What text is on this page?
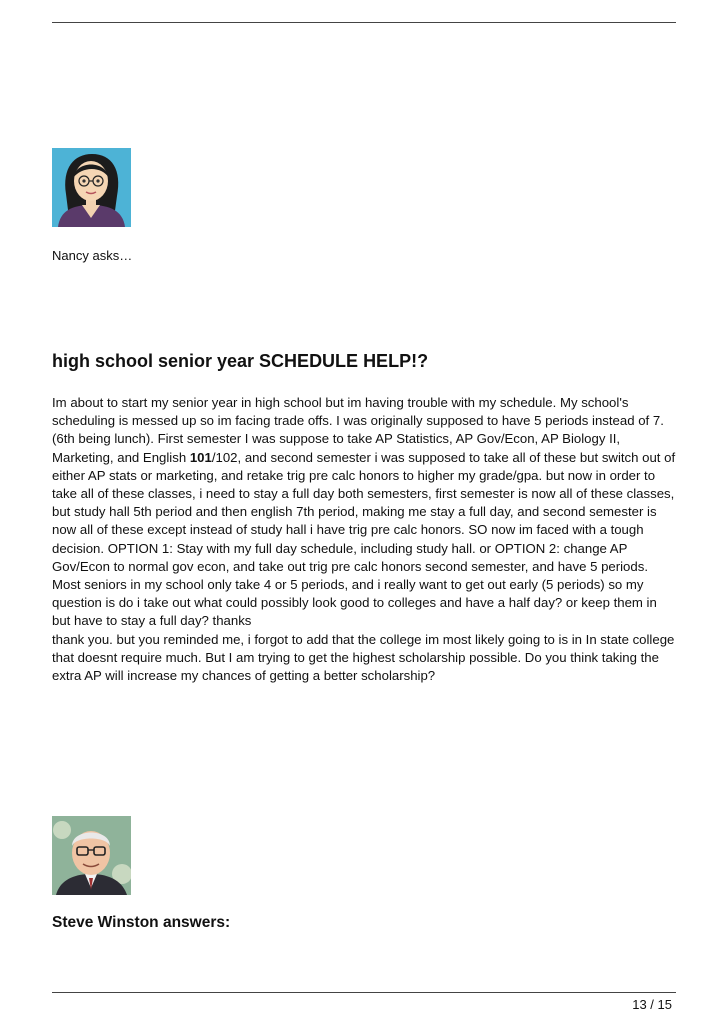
Nancy asks…
high school senior year SCHEDULE HELP!?

Im about to start my senior year in high school but im having trouble with my schedule. My school's scheduling is messed up so im facing trade offs. I was originally supposed to have 5 periods instead of 7. (6th being lunch). First semester I was suppose to take AP Statistics, AP Gov/Econ, AP Biology II, Marketing, and English 101/102, and second semester i was supposed to take all of these but switch out of either AP stats or marketing, and retake trig pre calc honors to higher my grade/gpa. but now in order to take all of these classes, i need to stay a full day both semesters, first semester is now all of these classes, but study hall 5th period and then english 7th period, making me stay a full day, and second semester is now all of these except instead of study hall i have trig pre calc honors. SO now im faced with a tough decision. OPTION 1: Stay with my full day schedule, including study hall. or OPTION 2: change AP Gov/Econ to normal gov econ, and take out trig pre calc honors second semester, and have 5 periods. Most seniors in my school only take 4 or 5 periods, and i really want to get out early (5 periods) so my question is do i take out what could possibly look good to colleges and have a half day? or keep them in but have to stay a full day? thanks

thank you. but you reminded me, i forgot to add that the college im most likely going to is in In state college that doesnt require much. But I am trying to get the highest scholarship possible. Do you think taking the extra AP will increase my chances of getting a better scholarship?

Steve Winston answers:
13 / 15
